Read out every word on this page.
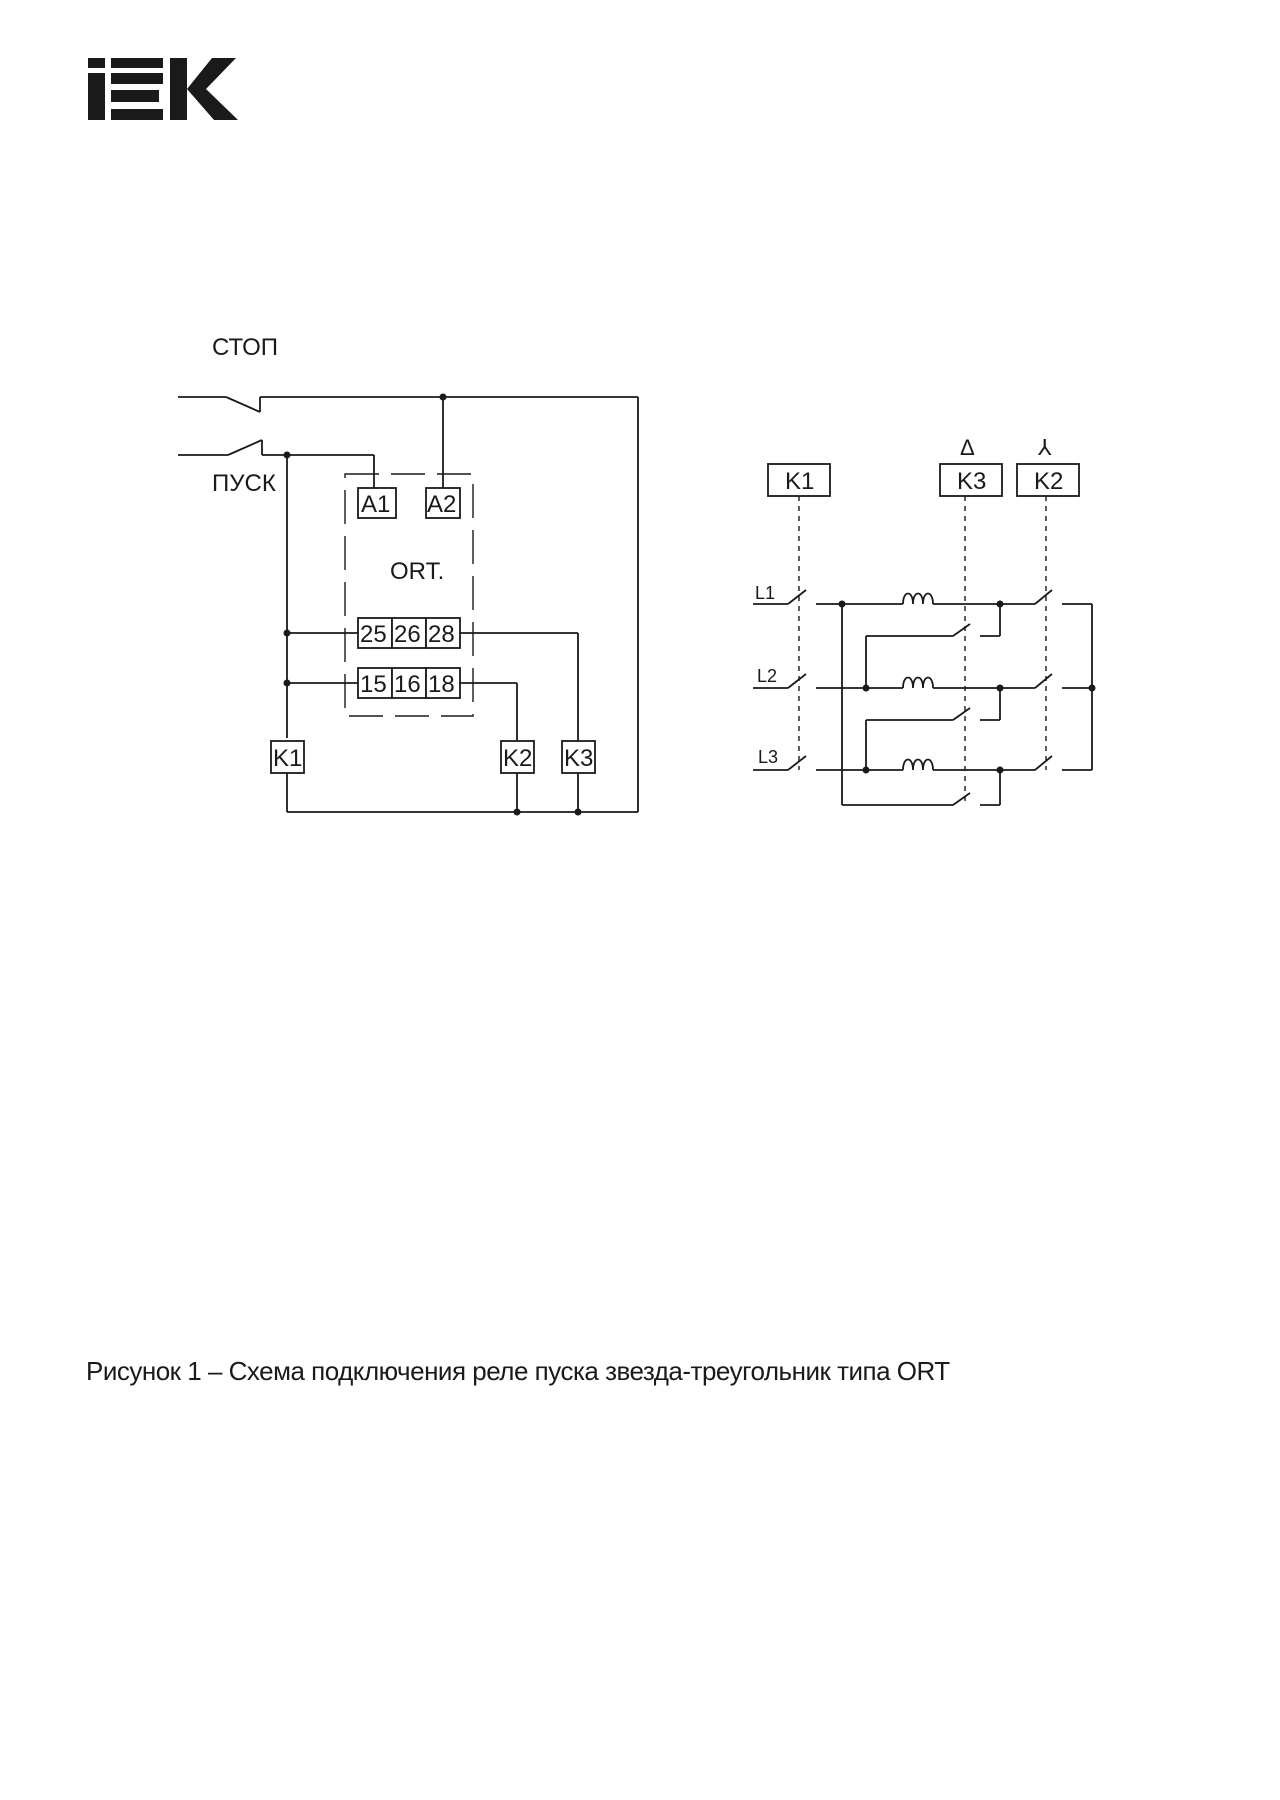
СТОП
ПУСК
ORT.
A1 A2
25 26 28
15 16 18
K1	K2 K3
K1	K3 K2
Δ	⅄
L1
L2
L3
Рисунок 1 – Схема подключения реле пуска звезда-треугольник типа ORT
